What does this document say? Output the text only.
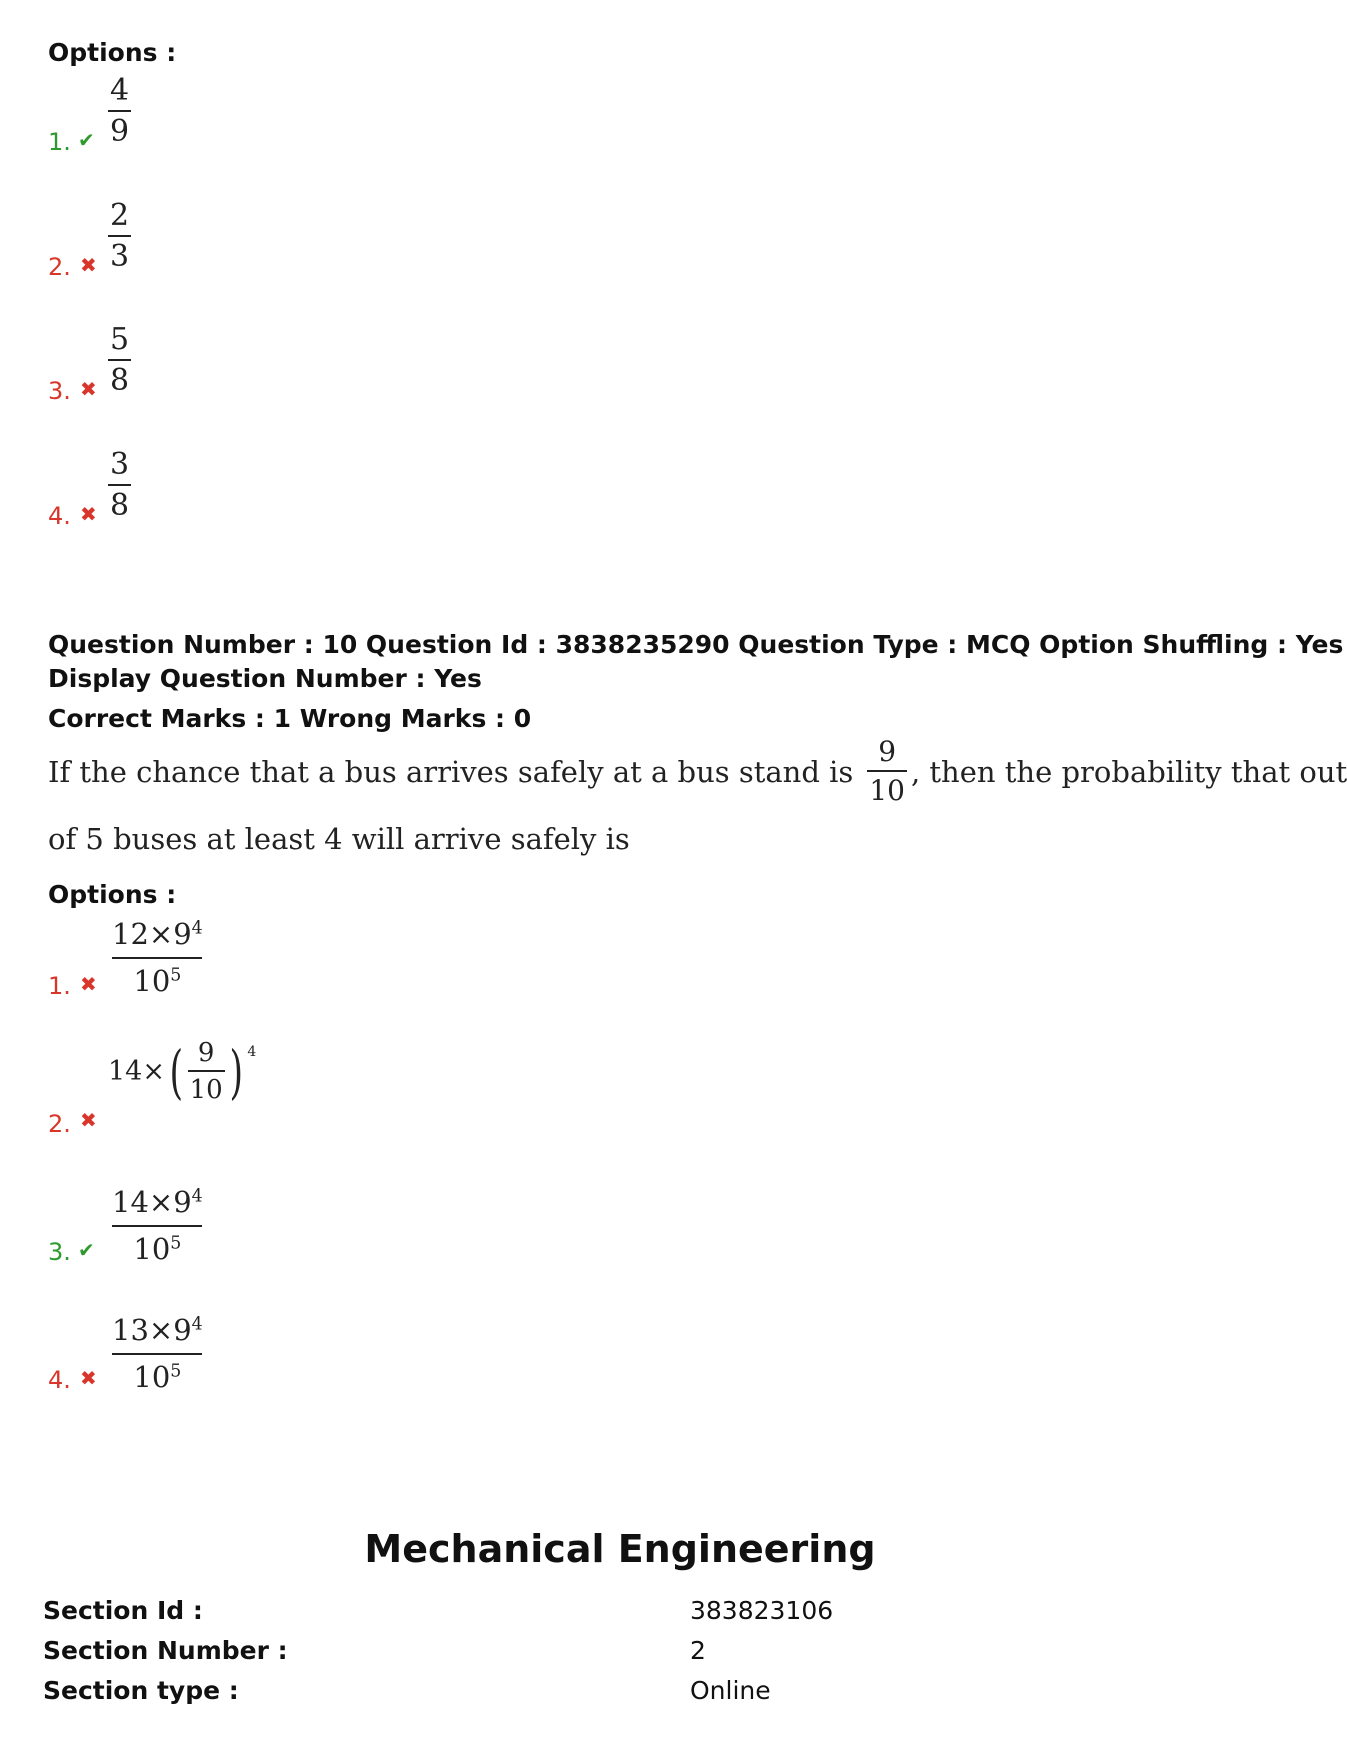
Options :
1. ✔ $\frac{4}{9}$
2. ✖ $\frac{2}{3}$
3. ✖ $\frac{5}{8}$
4. ✖ $\frac{3}{8}$
Question Number : 10 Question Id : 3838235290 Question Type : MCQ Option Shuffling : Yes
Display Question Number : Yes
Correct Marks : 1 Wrong Marks : 0
If the chance that a bus arrives safely at a bus stand is $\frac{9}{10}$ , then the probability that out
of 5 buses at least 4 will arrive safely is
Options :
1. ✖ $\frac{12\times 9^4}{10^5}$
2. ✖
14 × ( $\frac{9}{10}$ ) 4
3. ✔ $\frac{14\times 9^4}{10^5}$
4. ✖ $\frac{13\times 9^4}{10^5}$
Mechanical Engineering
Section Id :	383823106
Section Number :	2
Section type :	Online
